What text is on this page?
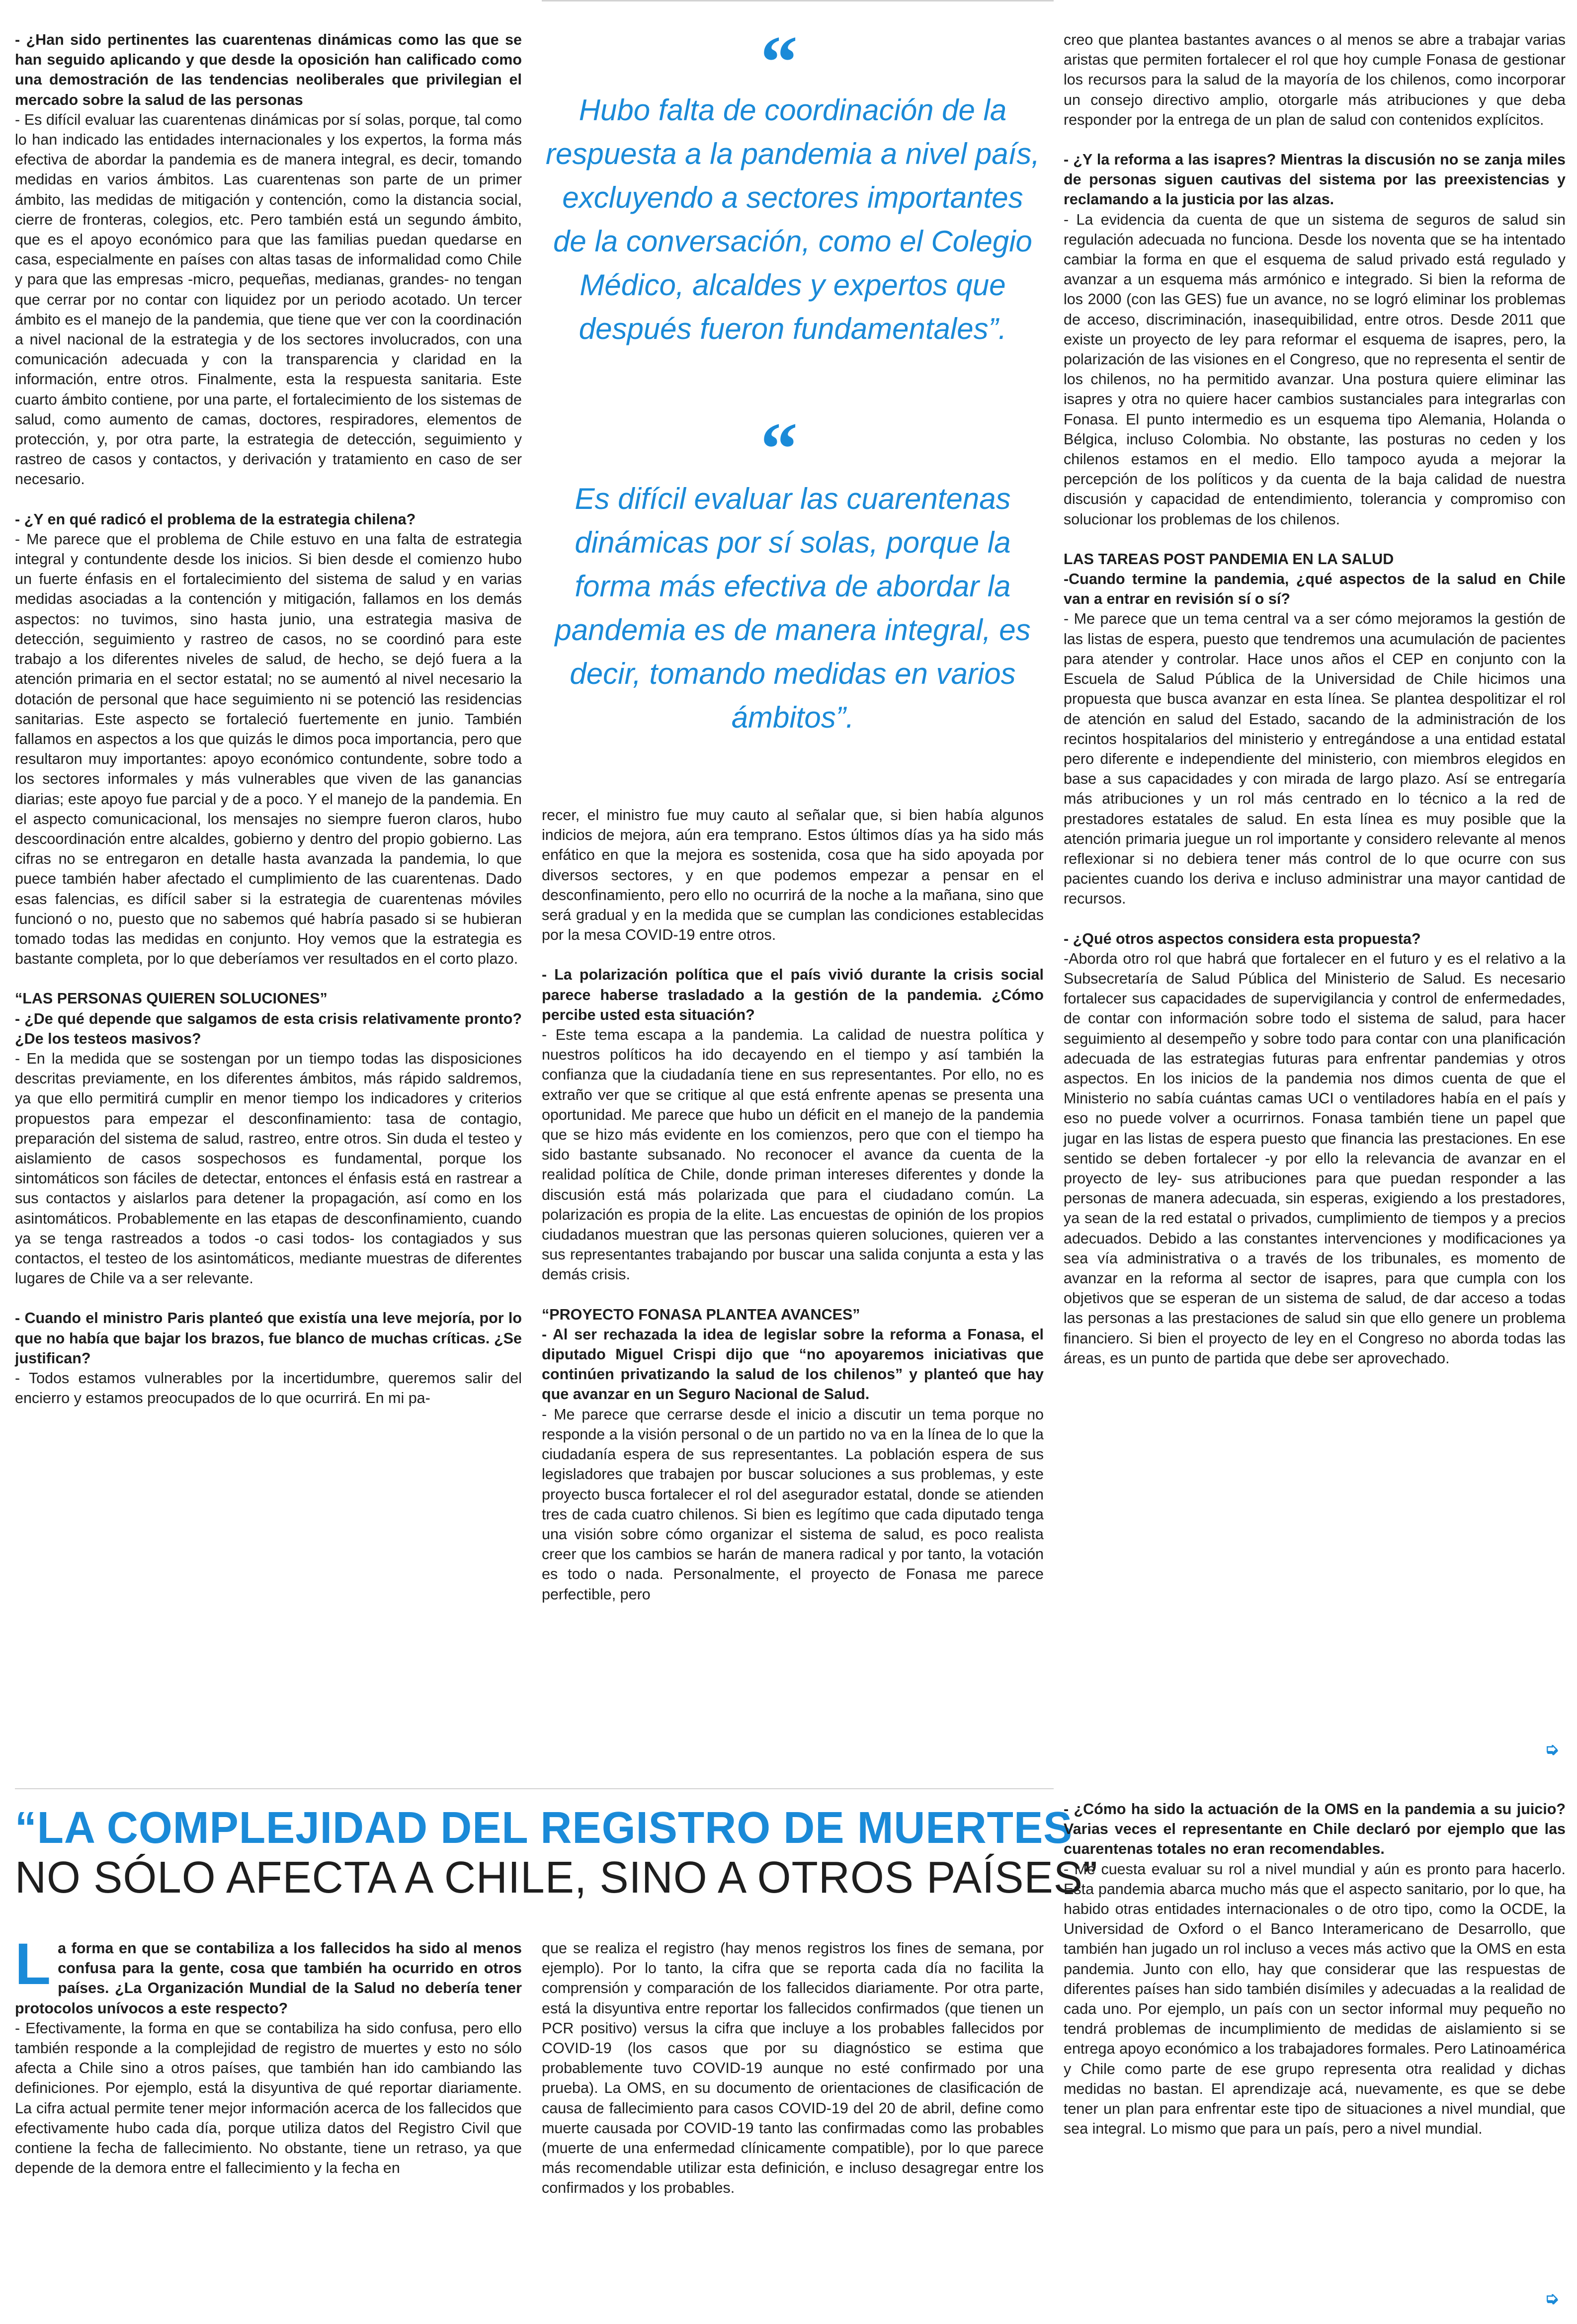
- ¿Han sido pertinentes las cuarentenas dinámicas como las que se han seguido aplicando y que desde la oposición han calificado como una demostración de las tendencias neoliberales que privilegian el mercado sobre la salud de las personas

- Es difícil evaluar las cuarentenas dinámicas por sí solas, porque, tal como lo han indicado las entidades internacionales y los expertos, la forma más efectiva de abordar la pandemia es de manera integral, es decir, tomando medidas en varios ámbitos. Las cuarentenas son parte de un primer ámbito, las medidas de mitigación y contención, como la distancia social, cierre de fronteras, colegios, etc. Pero también está un segundo ámbito, que es el apoyo económico para que las familias puedan quedarse en casa, especialmente en países con altas tasas de informalidad como Chile y para que las empresas -micro, pequeñas, medianas, grandes- no tengan que cerrar por no contar con liquidez por un periodo acotado. Un tercer ámbito es el manejo de la pandemia, que tiene que ver con la coordinación a nivel nacional de la estrategia y de los sectores involucrados, con una comunicación adecuada y con la transparencia y claridad en la información, entre otros. Finalmente, esta la respuesta sanitaria. Este cuarto ámbito contiene, por una parte, el fortalecimiento de los sistemas de salud, como aumento de camas, doctores, respiradores, elementos de protección, y, por otra parte, la estrategia de detección, seguimiento y rastreo de casos y contactos, y derivación y tratamiento en caso de ser necesario.

- ¿Y en qué radicó el problema de la estrategia chilena?

- Me parece que el problema de Chile estuvo en una falta de estrategia integral y contundente desde los inicios. Si bien desde el comienzo hubo un fuerte énfasis en el fortalecimiento del sistema de salud y en varias medidas asociadas a la contención y mitigación, fallamos en los demás aspectos: no tuvimos, sino hasta junio, una estrategia masiva de detección, seguimiento y rastreo de casos, no se coordinó para este trabajo a los diferentes niveles de salud, de hecho, se dejó fuera a la atención primaria en el sector estatal; no se aumentó al nivel necesario la dotación de personal que hace seguimiento ni se potenció las residencias sanitarias. Este aspecto se fortaleció fuertemente en junio. También fallamos en aspectos a los que quizás le dimos poca importancia, pero que resultaron muy importantes: apoyo económico contundente, sobre todo a los sectores informales y más vulnerables que viven de las ganancias diarias; este apoyo fue parcial y de a poco. Y el manejo de la pandemia. En el aspecto comunicacional, los mensajes no siempre fueron claros, hubo descoordinación entre alcaldes, gobierno y dentro del propio gobierno. Las cifras no se entregaron en detalle hasta avanzada la pandemia, lo que puece también haber afectado el cumplimiento de las cuarentenas. Dado esas falencias, es difícil saber si la estrategia de cuarentenas móviles funcionó o no, puesto que no sabemos qué habría pasado si se hubieran tomado todas las medidas en conjunto. Hoy vemos que la estrategia es bastante completa, por lo que deberíamos ver resultados en el corto plazo.

“LAS PERSONAS QUIEREN SOLUCIONES”

- ¿De qué depende que salgamos de esta crisis relativamente pronto? ¿De los testeos masivos?

- En la medida que se sostengan por un tiempo todas las disposiciones descritas previamente, en los diferentes ámbitos, más rápido saldremos, ya que ello permitirá cumplir en menor tiempo los indicadores y criterios propuestos para empezar el desconfinamiento: tasa de contagio, preparación del sistema de salud, rastreo, entre otros. Sin duda el testeo y aislamiento de casos sospechosos es fundamental, porque los sintomáticos son fáciles de detectar, entonces el énfasis está en rastrear a sus contactos y aislarlos para detener la propagación, así como en los asintomáticos. Probablemente en las etapas de desconfinamiento, cuando ya se tenga rastreados a todos -o casi todos- los contagiados y sus contactos, el testeo de los asintomáticos, mediante muestras de diferentes lugares de Chile va a ser relevante.

- Cuando el ministro Paris planteó que existía una leve mejoría, por lo que no había que bajar los brazos, fue blanco de muchas críticas. ¿Se justifican?

- Todos estamos vulnerables por la incertidumbre, queremos salir del encierro y estamos preocupados de lo que ocurrirá. En mi pa-

“
Hubo falta de coordinación de la respuesta a la pandemia a nivel país, excluyendo a sectores importantes de la conversación, como el Colegio Médico, alcaldes y expertos que después fueron fundamentales”.
“
Es difícil evaluar las cuarentenas dinámicas por sí solas, porque la forma más efectiva de abordar la pandemia es de manera integral, es decir, tomando medidas en varios ámbitos”.

recer, el ministro fue muy cauto al señalar que, si bien había algunos indicios de mejora, aún era temprano. Estos últimos días ya ha sido más enfático en que la mejora es sostenida, cosa que ha sido apoyada por diversos sectores, y en que podemos empezar a pensar en el desconfinamiento, pero ello no ocurrirá de la noche a la mañana, sino que será gradual y en la medida que se cumplan las condiciones establecidas por la mesa COVID-19 entre otros.

- La polarización política que el país vivió durante la crisis social parece haberse trasladado a la gestión de la pandemia. ¿Cómo percibe usted esta situación?

- Este tema escapa a la pandemia. La calidad de nuestra política y nuestros políticos ha ido decayendo en el tiempo y así también la confianza que la ciudadanía tiene en sus representantes. Por ello, no es extraño ver que se critique al que está enfrente apenas se presenta una oportunidad. Me parece que hubo un déficit en el manejo de la pandemia que se hizo más evidente en los comienzos, pero que con el tiempo ha sido bastante subsanado. No reconocer el avance da cuenta de la realidad política de Chile, donde priman intereses diferentes y donde la discusión está más polarizada que para el ciudadano común. La polarización es propia de la elite. Las encuestas de opinión de los propios ciudadanos muestran que las personas quieren soluciones, quieren ver a sus representantes trabajando por buscar una salida conjunta a esta y las demás crisis.

“PROYECTO FONASA PLANTEA AVANCES”

- Al ser rechazada la idea de legislar sobre la reforma a Fonasa, el diputado Miguel Crispi dijo que “no apoyaremos iniciativas que continúen privatizando la salud de los chilenos” y planteó que hay que avanzar en un Seguro Nacional de Salud.

- Me parece que cerrarse desde el inicio a discutir un tema porque no responde a la visión personal o de un partido no va en la línea de lo que la ciudadanía espera de sus representantes. La población espera de sus legisladores que trabajen por buscar soluciones a sus problemas, y este proyecto busca fortalecer el rol del asegurador estatal, donde se atienden tres de cada cuatro chilenos. Si bien es legítimo que cada diputado tenga una visión sobre cómo organizar el sistema de salud, es poco realista creer que los cambios se harán de manera radical y por tanto, la votación es todo o nada. Personalmente, el proyecto de Fonasa me parece perfectible, pero

creo que plantea bastantes avances o al menos se abre a trabajar varias aristas que permiten fortalecer el rol que hoy cumple Fonasa de gestionar los recursos para la salud de la mayoría de los chilenos, como incorporar un consejo directivo amplio, otorgarle más atribuciones y que deba responder por la entrega de un plan de salud con contenidos explícitos.

- ¿Y la reforma a las isapres? Mientras la discusión no se zanja miles de personas siguen cautivas del sistema por las preexistencias y reclamando a la justicia por las alzas.

- La evidencia da cuenta de que un sistema de seguros de salud sin regulación adecuada no funciona. Desde los noventa que se ha intentado cambiar la forma en que el esquema de salud privado está regulado y avanzar a un esquema más armónico e integrado. Si bien la reforma de los 2000 (con las GES) fue un avance, no se logró eliminar los problemas de acceso, discriminación, inasequibilidad, entre otros. Desde 2011 que existe un proyecto de ley para reformar el esquema de isapres, pero, la polarización de las visiones en el Congreso, que no representa el sentir de los chilenos, no ha permitido avanzar. Una postura quiere eliminar las isapres y otra no quiere hacer cambios sustanciales para integrarlas con Fonasa. El punto intermedio es un esquema tipo Alemania, Holanda o Bélgica, incluso Colombia. No obstante, las posturas no ceden y los chilenos estamos en el medio. Ello tampoco ayuda a mejorar la percepción de los políticos y da cuenta de la baja calidad de nuestra discusión y capacidad de entendimiento, tolerancia y compromiso con solucionar los problemas de los chilenos.

LAS TAREAS POST PANDEMIA EN LA SALUD

-Cuando termine la pandemia, ¿qué aspectos de la salud en Chile van a entrar en revisión sí o sí?

- Me parece que un tema central va a ser cómo mejoramos la gestión de las listas de espera, puesto que tendremos una acumulación de pacientes para atender y controlar. Hace unos años el CEP en conjunto con la Escuela de Salud Pública de la Universidad de Chile hicimos una propuesta que busca avanzar en esta línea. Se plantea despolitizar el rol de atención en salud del Estado, sacando de la administración de los recintos hospitalarios del ministerio y entregándose a una entidad estatal pero diferente e independiente del ministerio, con miembros elegidos en base a sus capacidades y con mirada de largo plazo. Así se entregaría más atribuciones y un rol más centrado en lo técnico a la red de prestadores estatales de salud. En esta línea es muy posible que la atención primaria juegue un rol importante y considero relevante al menos reflexionar si no debiera tener más control de lo que ocurre con sus pacientes cuando los deriva e incluso administrar una mayor cantidad de recursos.

- ¿Qué otros aspectos considera esta propuesta?

-Aborda otro rol que habrá que fortalecer en el futuro y es el relativo a la Subsecretaría de Salud Pública del Ministerio de Salud. Es necesario fortalecer sus capacidades de supervigilancia y control de enfermedades, de contar con información sobre todo el sistema de salud, para hacer seguimiento al desempeño y sobre todo para contar con una planificación adecuada de las estrategias futuras para enfrentar pandemias y otros aspectos. En los inicios de la pandemia nos dimos cuenta de que el Ministerio no sabía cuántas camas UCI o ventiladores había en el país y eso no puede volver a ocurrirnos. Fonasa también tiene un papel que jugar en las listas de espera puesto que financia las prestaciones. En ese sentido se deben fortalecer -y por ello la relevancia de avanzar en el proyecto de ley- sus atribuciones para que puedan responder a las personas de manera adecuada, sin esperas, exigiendo a los prestadores, ya sean de la red estatal o privados, cumplimiento de tiempos y a precios adecuados. Debido a las constantes intervenciones y modificaciones ya sea vía administrativa o a través de los tribunales, es momento de avanzar en la reforma al sector de isapres, para que cumpla con los objetivos que se esperan de un sistema de salud, de dar acceso a todas las personas a las prestaciones de salud sin que ello genere un problema financiero. Si bien el proyecto de ley en el Congreso no aborda todas las áreas, es un punto de partida que debe ser aprovechado.

➭
“LA COMPLEJIDAD DEL REGISTRO DE MUERTES
NO SÓLO AFECTA A CHILE, SINO A OTROS PAÍSES”

La forma en que se contabiliza a los fallecidos ha sido al menos confusa para la gente, cosa que también ha ocurrido en otros países. ¿La Organización Mundial de la Salud no debería tener protocolos unívocos a este respecto?

- Efectivamente, la forma en que se contabiliza ha sido confusa, pero ello también responde a la complejidad de registro de muertes y esto no sólo afecta a Chile sino a otros países, que también han ido cambiando las definiciones. Por ejemplo, está la disyuntiva de qué reportar diariamente. La cifra actual permite tener mejor información acerca de los fallecidos que efectivamente hubo cada día, porque utiliza datos del Registro Civil que contiene la fecha de fallecimiento. No obstante, tiene un retraso, ya que depende de la demora entre el fallecimiento y la fecha en

que se realiza el registro (hay menos registros los fines de semana, por ejemplo). Por lo tanto, la cifra que se reporta cada día no facilita la comprensión y comparación de los fallecidos diariamente. Por otra parte, está la disyuntiva entre reportar los fallecidos confirmados (que tienen un PCR positivo) versus la cifra que incluye a los probables fallecidos por COVID-19 (los casos que por su diagnóstico se estima que probablemente tuvo COVID-19 aunque no esté confirmado por una prueba). La OMS, en su documento de orientaciones de clasificación de causa de fallecimiento para casos COVID-19 del 20 de abril, define como muerte causada por COVID-19 tanto las confirmadas como las probables (muerte de una enfermedad clínicamente compatible), por lo que parece más recomendable utilizar esta definición, e incluso desagregar entre los confirmados y los probables.

- ¿Cómo ha sido la actuación de la OMS en la pandemia a su juicio? Varias veces el representante en Chile declaró por ejemplo que las cuarentenas totales no eran recomendables.

- Me cuesta evaluar su rol a nivel mundial y aún es pronto para hacerlo. Esta pandemia abarca mucho más que el aspecto sanitario, por lo que, ha habido otras entidades internacionales o de otro tipo, como la OCDE, la Universidad de Oxford o el Banco Interamericano de Desarrollo, que también han jugado un rol incluso a veces más activo que la OMS en esta pandemia. Junto con ello, hay que considerar que las respuestas de diferentes países han sido también disímiles y adecuadas a la realidad de cada uno. Por ejemplo, un país con un sector informal muy pequeño no tendrá problemas de incumplimiento de medidas de aislamiento si se entrega apoyo económico a los trabajadores formales. Pero Latinoamérica y Chile como parte de ese grupo representa otra realidad y dichas medidas no bastan. El aprendizaje acá, nuevamente, es que se debe tener un plan para enfrentar este tipo de situaciones a nivel mundial, que sea integral. Lo mismo que para un país, pero a nivel mundial.

➭
